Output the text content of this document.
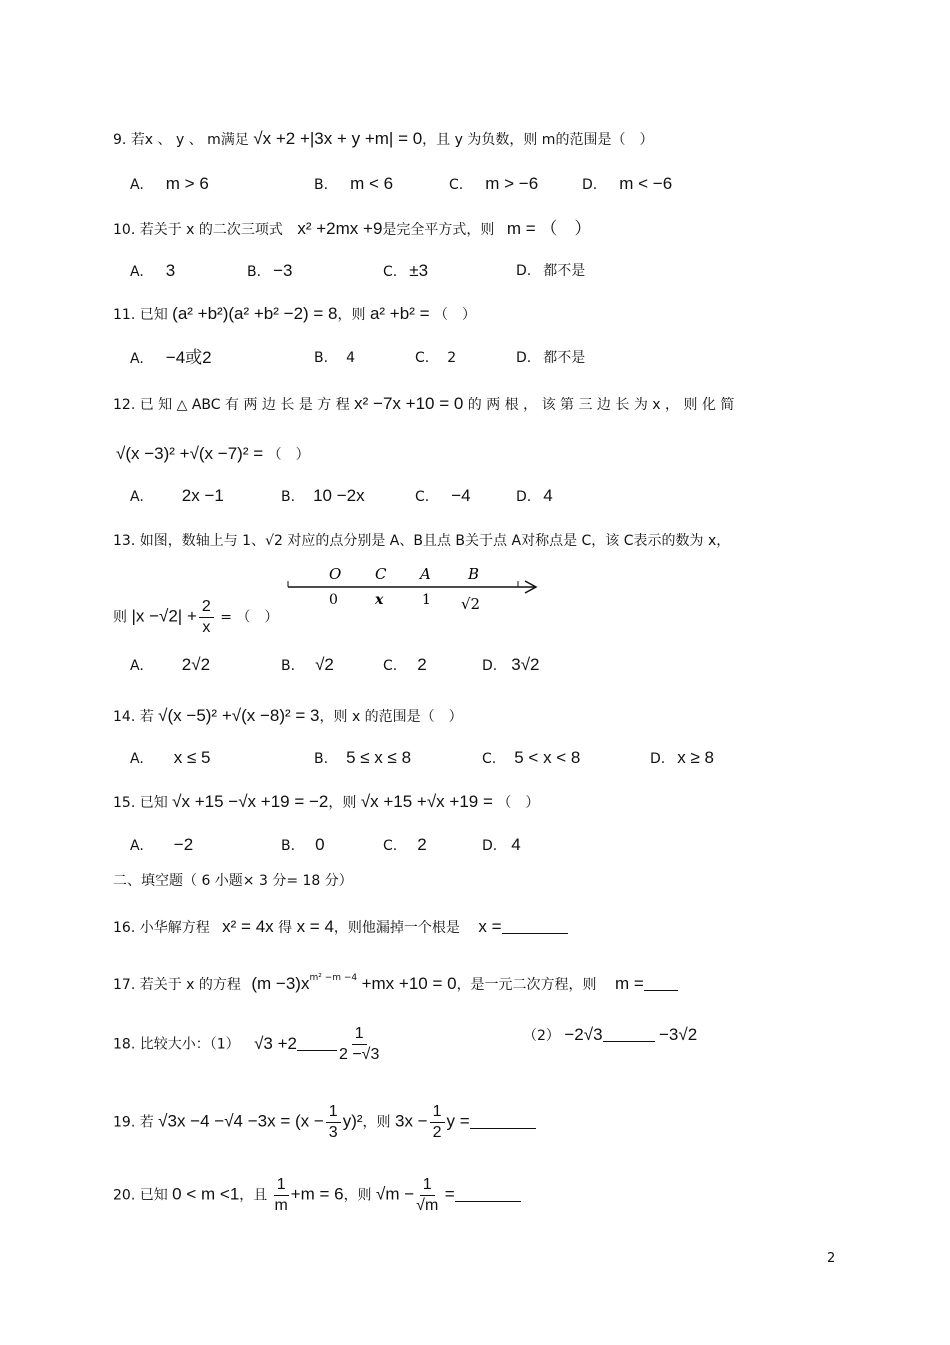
9. 若x 、 y 、 m满足 √x +2 +|3x + y +m| = 0，且 y 为负数，则 m的范围是（　）
A. m > 6	B. m < 6	C. m > −6	D. m < −6
10. 若关于 x 的二次三项式 x² +2mx +9是完全平方式，则 m = （　）
A. 3	B. −3	C. ±3	D. 都不是
11. 已知 (a² +b²)(a² +b² −2) = 8，则 a² +b² = （　）
A. −4或2	B. 4	C. 2	D. 都不是
12. 已 知 △ ABC 有 两 边 长 是 方 程 x² −7x +10 = 0 的 两 根 ， 该 第 三 边 长 为 x ， 则 化 简
√(x −3)² +√(x −7)² = （　）
A. 2x −1	B. 10 −2x	C. −4	D. 4
13. 如图，数轴上与 1、√2 对应的点分别是 A、B且点 B关于点 A对称点是 C，该 C表示的数为 x，
O C A B
0	x	1 √2
则 $|x -√2| + \frac{2}{x}$ = （　）
A. 2√2	B. √2	C. 2	D. 3√2
14. 若 √(x −5)² +√(x −8)² = 3，则 x 的范围是（　）
A. x ≤ 5	B. 5 ≤ x ≤ 8	C. 5 < x < 8	D. x ≥ 8
15. 已知 √x +15 −√x +19 = −2，则 √x +15 +√x +19 = （　）
A. −2	B. 0	C. 2	D. 4
二、填空题（ 6 小题× 3 分= 18 分）
16. 小华解方程 x² = 4x 得 x = 4，则他漏掉一个根是 x =
17. 若关于 x 的方程 $(m -3)x^{m^2 -m -4} +mx +10 = 0$，是一元二次方程，则 m =
18. 比较大小：（1） √3 +2	$\frac{1}{2 -√3}$	（2） −2√3	−3√2
19. 若 $√3x -4 -√4 -3x = (x - \frac{1}{3} y)^2$，则 $3x - \frac{1}{2}$ y =
20. 已知 0 < m <1，且 $\frac{1}{m} +m = 6$，则 $√m - \frac{1}{√m}$ =
2
